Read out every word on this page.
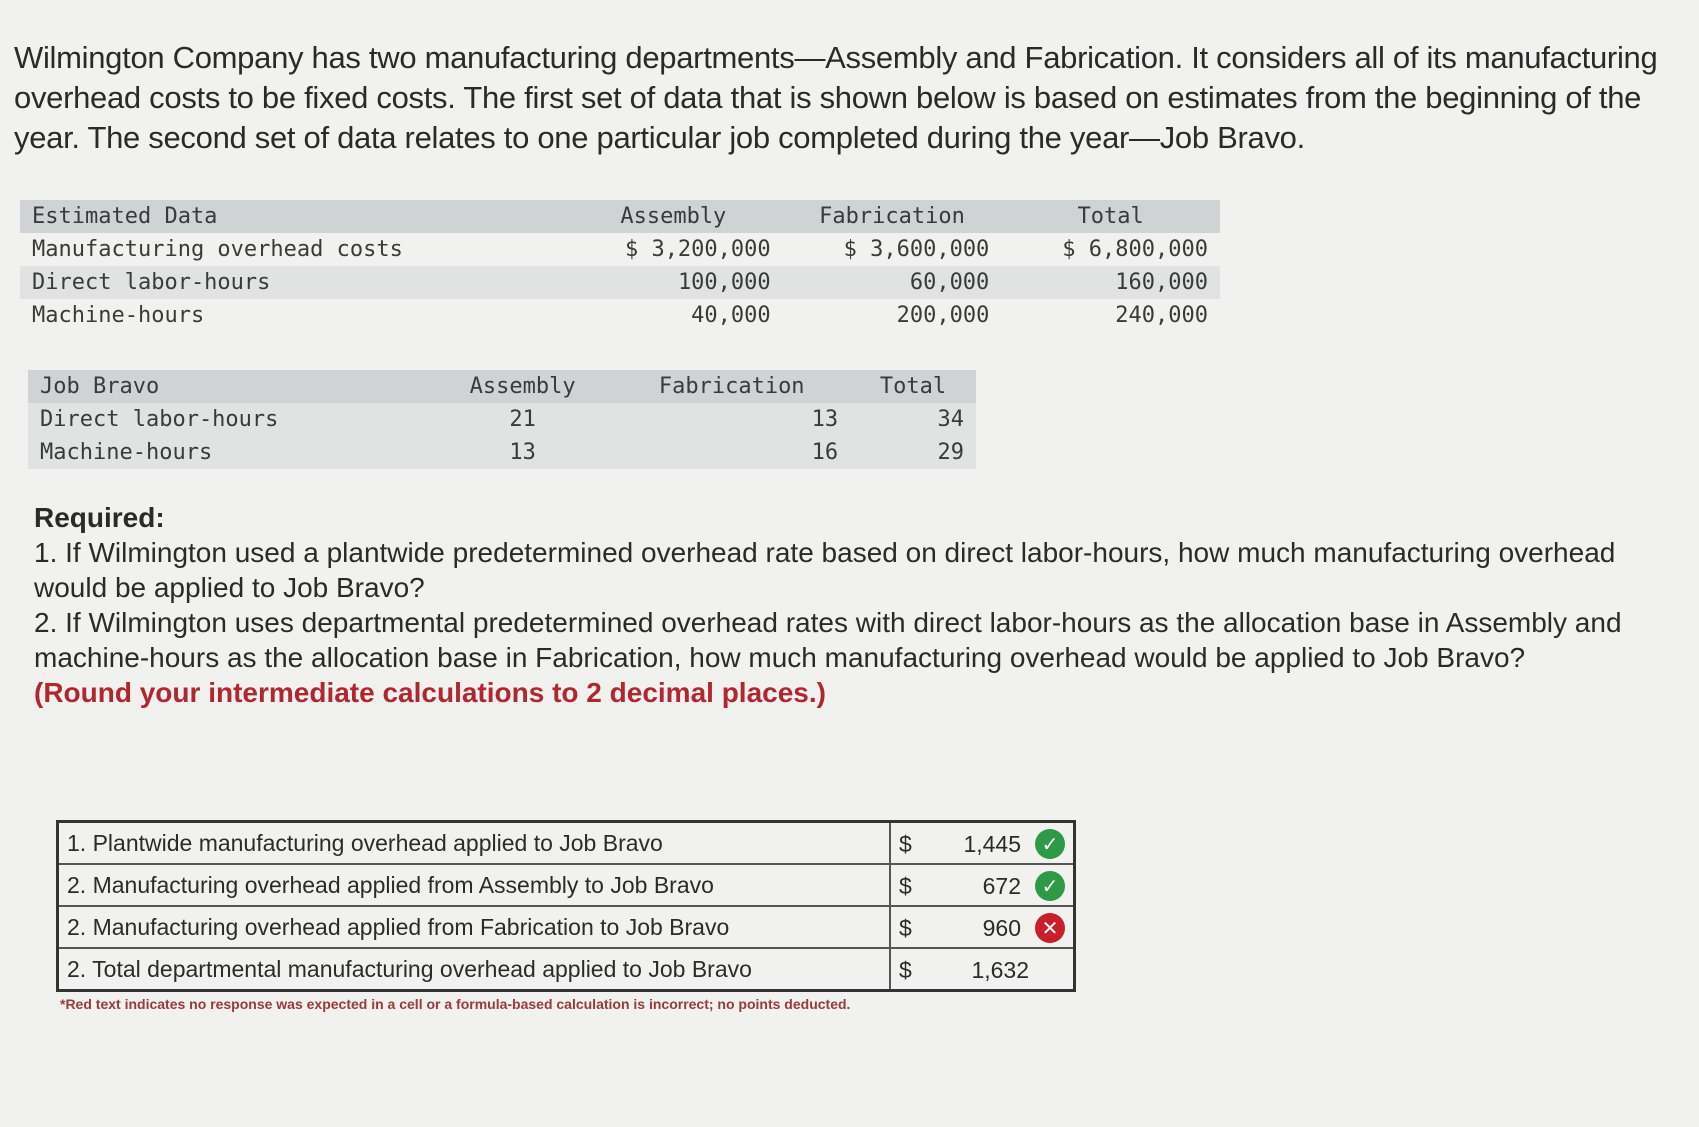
Wilmington Company has two manufacturing departments—Assembly and Fabrication. It considers all of its manufacturing overhead costs to be fixed costs. The first set of data that is shown below is based on estimates from the beginning of the year. The second set of data relates to one particular job completed during the year—Job Bravo.
Estimated Data	Assembly	Fabrication	Total
Manufacturing overhead costs	$ 3,200,000	$ 3,600,000	$ 6,800,000
Direct labor-hours	100,000	60,000	160,000
Machine-hours	40,000	200,000	240,000
Job Bravo	Assembly	Fabrication	Total
Direct labor-hours	21	13	34
Machine-hours	13	16	29

Required:

1. If Wilmington used a plantwide predetermined overhead rate based on direct labor-hours, how much manufacturing overhead would be applied to Job Bravo?

2. If Wilmington uses departmental predetermined overhead rates with direct labor-hours as the allocation base in Assembly and machine-hours as the allocation base in Fabrication, how much manufacturing overhead would be applied to Job Bravo?

(Round your intermediate calculations to 2 decimal places.)

1. Plantwide manufacturing overhead applied to Job Bravo	$ 1,445 ✓

2. Manufacturing overhead applied from Assembly to Job Bravo	$ 672 ✓

2. Manufacturing overhead applied from Fabrication to Job Bravo	$ 960 ✕

2. Total departmental manufacturing overhead applied to Job Bravo	$ 1,632
*Red text indicates no response was expected in a cell or a formula-based calculation is incorrect; no points deducted.
